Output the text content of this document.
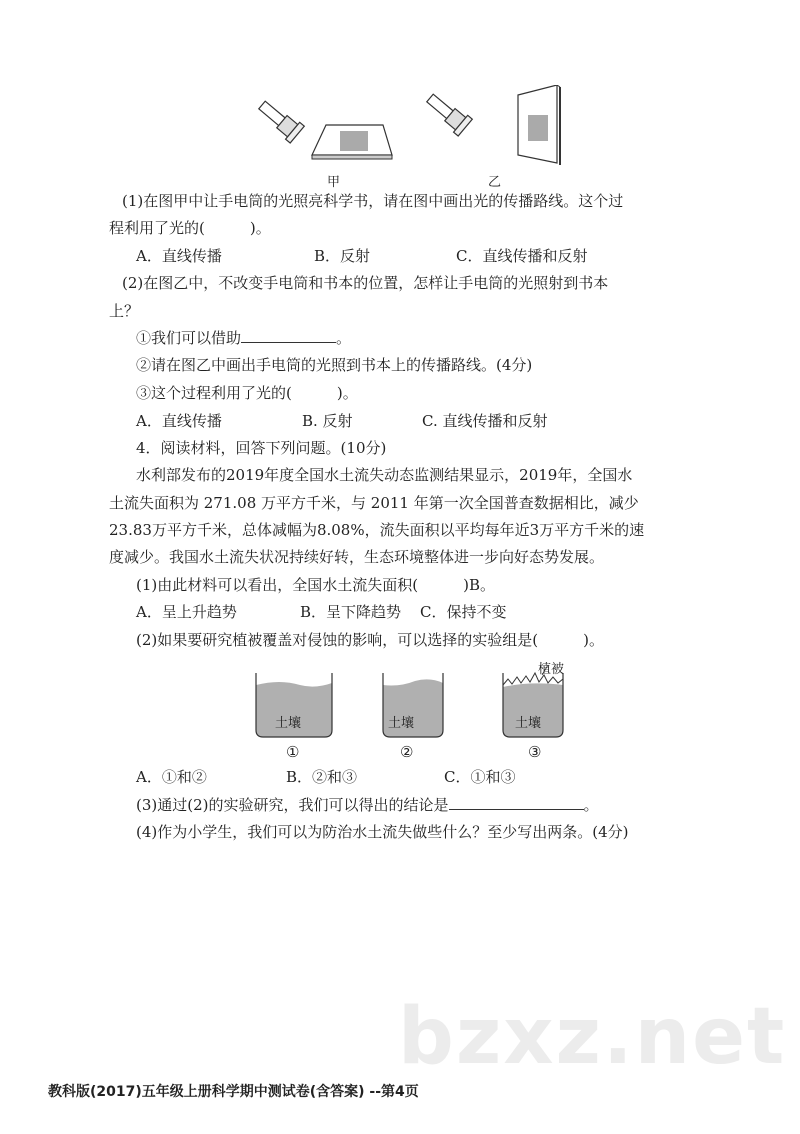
甲	乙
(1)在图甲中让手电筒的光照亮科学书，请在图中画出光的传播路线。这个过
程利用了光的(　　　)。
A．直线传播	B．反射	C．直线传播和反射
(2)在图乙中，不改变手电筒和书本的位置，怎样让手电筒的光照射到书本
上？
①我们可以借助	。
②请在图乙中画出手电筒的光照到书本上的传播路线。(4分)
③这个过程利用了光的(　　　)。
A．直线传播	B. 反射	C. 直线传播和反射
4．阅读材料，回答下列问题。(10分)
水利部发布的2019年度全国水土流失动态监测结果显示，2019年，全国水
土流失面积为 271.08 万平方千米，与 2011 年第一次全国普查数据相比，减少
23.83万平方千米，总体减幅为8.08%，流失面积以平均每年近3万平方千米的速
度减少。我国水土流失状况持续好转，生态环境整体进一步向好态势发展。
(1)由此材料可以看出，全国水土流失面积(　　　)B。
A．呈上升趋势	B．呈下降趋势 C．保持不变
(2)如果要研究植被覆盖对侵蚀的影响，可以选择的实验组是(　　　)。
土壤	土壤	土壤
植被
①	②	③
A．①和②	B．②和③	C．①和③
(3)通过(2)的实验研究，我们可以得出的结论是	。
(4)作为小学生，我们可以为防治水土流失做些什么？至少写出两条。(4分)
bzxz.net
教科版(2017)五年级上册科学期中测试卷(含答案) --第4页
